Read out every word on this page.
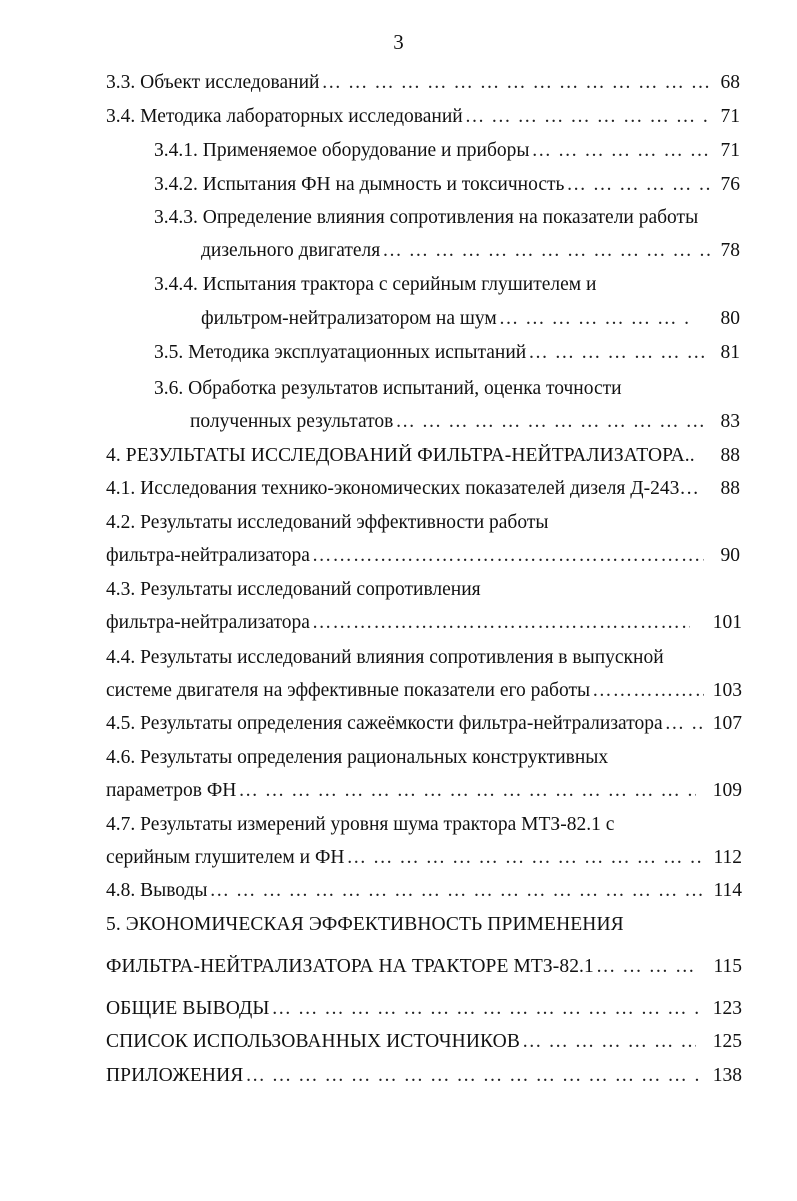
3
3.3. Объект исследований … … … … … … … … … … … … … … … … … … … … … … … … … … … … … … … … … … … … … … … … … … … … … … … … … …	68
3.4. Методика лабораторных исследований … … … … … … … … … … … … … … … … … … … … … … … … … … … … … … … … … … … … … … … … … … … … … … … … … …	71
3.4.1. Применяемое оборудование и приборы … … … … … … … … … … … … … … … … … … … … … … … … … … … … … … … … … … … … … … … … … … … … … … … … … …	71
3.4.2. Испытания ФН на дымность и токсичность … … … … … … … … … … … … … … … … … … … … … … … … … … … … … … … … … … … … … … … … … … … … … … … … … …	76
3.4.3. Определение влияния сопротивления на показатели работы
дизельного двигателя … … … … … … … … … … … … … … … … … … … … … … … … … … … … … … … … … … … … … … … … … … … … … … … … … …	78
3.4.4. Испытания трактора с серийным глушителем и
фильтром-нейтрализатором на шум … … … … … … … … … … … … … … … … … … … … … … … … … … … … … … … … … … … … … … … … … … … … … … … … … …	80
3.5. Методика эксплуатационных испытаний … … … … … … … … … … … … … … … … … … … … … … … … … … … … … … … … … … … … … … … … … … … … … … … … … …	81
3.6. Обработка результатов испытаний, оценка точности
полученных результатов … … … … … … … … … … … … … … … … … … … … … … … … … … … … … … … … … … … … … … … … … … … … … … … … … …	83
4. РЕЗУЛЬТАТЫ ИССЛЕДОВАНИЙ ФИЛЬТРА-НЕЙТРАЛИЗАТОРА..	88
4.1. Исследования технико-экономических показателей дизеля Д-243…	88
4.2. Результаты исследований эффективности работы
фильтра-нейтрализатора …………………………………………………………………………………………………………………………………………	90
4.3. Результаты исследований сопротивления
фильтра-нейтрализатора …………………………………………………………………………………………………………………………………………	101
4.4. Результаты исследований влияния сопротивления в выпускной
системе двигателя на эффективные показатели его работы …………………………………………………………………………………………………………………………………………	103
4.5. Результаты определения сажеёмкости фильтра-нейтрализатора … … … … … … … … … … … … … … … … … … … … … … … … … … … … … … … … … … … … … … … … … … … … … … … … … …	107
4.6. Результаты определения рациональных конструктивных
параметров ФН … … … … … … … … … … … … … … … … … … … … … … … … … … … … … … … … … … … … … … … … … … … … … … … … … …	109
4.7. Результаты измерений уровня шума трактора МТЗ-82.1 с
серийным глушителем и ФН … … … … … … … … … … … … … … … … … … … … … … … … … … … … … … … … … … … … … … … … … … … … … … … … … …	112
4.8. Выводы … … … … … … … … … … … … … … … … … … … … … … … … … … … … … … … … … … … … … … … … … … … … … … … … … …	114
5. ЭКОНОМИЧЕСКАЯ ЭФФЕКТИВНОСТЬ ПРИМЕНЕНИЯ
ФИЛЬТРА-НЕЙТРАЛИЗАТОРА НА ТРАКТОРЕ МТЗ-82.1 … … … … … … … … … … … … … … … … … … … … … … … … … … … … … … … … … … … … … … … … … … … … … … … … … …	115
ОБЩИЕ ВЫВОДЫ … … … … … … … … … … … … … … … … … … … … … … … … … … … … … … … … … … … … … … … … … … … … … … … … … …	123
СПИСОК ИСПОЛЬЗОВАННЫХ ИСТОЧНИКОВ … … … … … … … … … … … … … … … … … … … … … … … … … … … … … … … … … … … … … … … … … … … … … … … … … …	125
ПРИЛОЖЕНИЯ … … … … … … … … … … … … … … … … … … … … … … … … … … … … … … … … … … … … … … … … … … … … … … … … … …	138
